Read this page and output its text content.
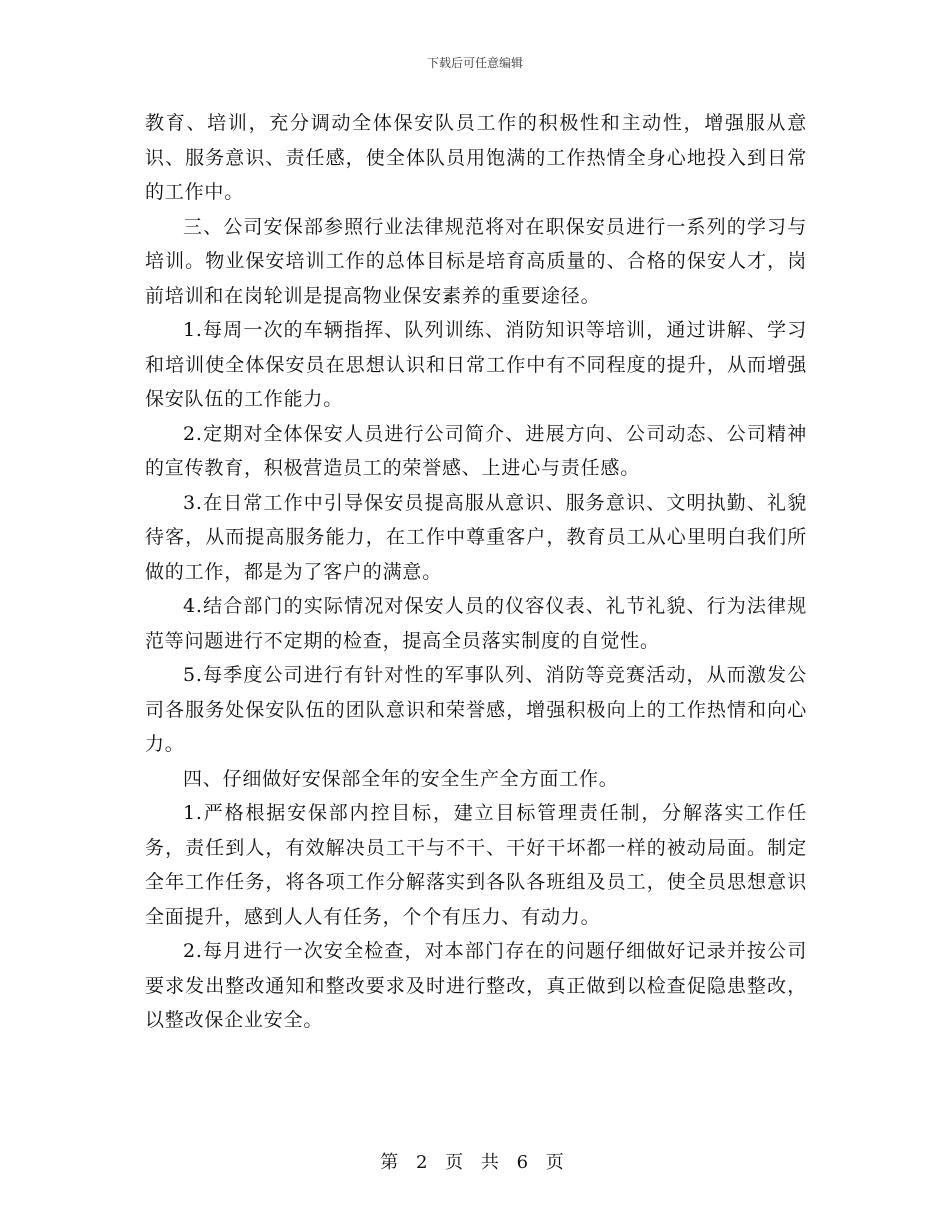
下载后可任意编辑

教育、培训，充分调动全体保安队员工作的积极性和主动性，增强服从意识、服务意识、责任感，使全体队员用饱满的工作热情全身心地投入到日常的工作中。

三、公司安保部参照行业法律规范将对在职保安员进行一系列的学习与培训。物业保安培训工作的总体目标是培育高质量的、合格的保安人才，岗前培训和在岗轮训是提高物业保安素养的重要途径。

1.每周一次的车辆指挥、队列训练、消防知识等培训，通过讲解、学习和培训使全体保安员在思想认识和日常工作中有不同程度的提升，从而增强保安队伍的工作能力。

2.定期对全体保安人员进行公司简介、进展方向、公司动态、公司精神的宣传教育，积极营造员工的荣誉感、上进心与责任感。

3.在日常工作中引导保安员提高服从意识、服务意识、文明执勤、礼貌待客，从而提高服务能力，在工作中尊重客户，教育员工从心里明白我们所做的工作，都是为了客户的满意。

4.结合部门的实际情况对保安人员的仪容仪表、礼节礼貌、行为法律规范等问题进行不定期的检查，提高全员落实制度的自觉性。

5.每季度公司进行有针对性的军事队列、消防等竞赛活动，从而激发公司各服务处保安队伍的团队意识和荣誉感，增强积极向上的工作热情和向心力。

四、仔细做好安保部全年的安全生产全方面工作。

1.严格根据安保部内控目标，建立目标管理责任制，分解落实工作任务，责任到人，有效解决员工干与不干、干好干坏都一样的被动局面。制定全年工作任务，将各项工作分解落实到各队各班组及员工，使全员思想意识全面提升，感到人人有任务，个个有压力、有动力。

2.每月进行一次安全检查，对本部门存在的问题仔细做好记录并按公司要求发出整改通知和整改要求及时进行整改，真正做到以检查促隐患整改，以整改保企业安全。

第 2 页 共 6 页
